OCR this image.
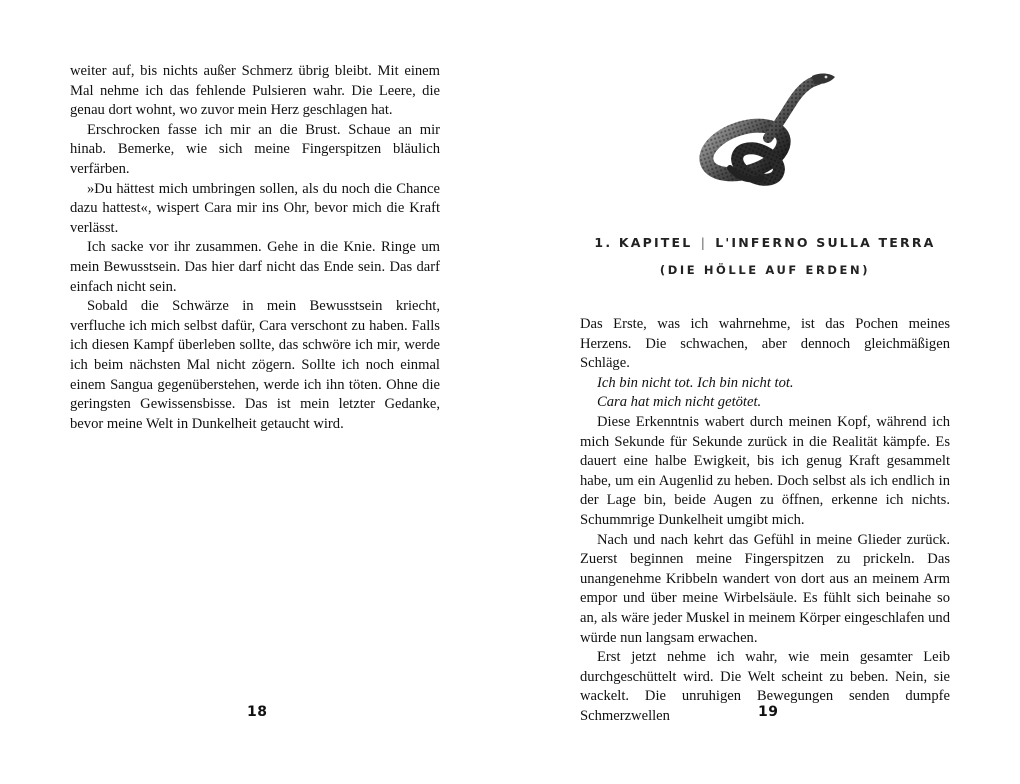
weiter auf, bis nichts außer Schmerz übrig bleibt. Mit einem Mal nehme ich das fehlende Pulsieren wahr. Die Leere, die genau dort wohnt, wo zuvor mein Herz geschlagen hat.

Erschrocken fasse ich mir an die Brust. Schaue an mir hinab. Bemerke, wie sich meine Fingerspitzen bläulich verfärben.

»Du hättest mich umbringen sollen, als du noch die Chance dazu hattest«, wispert Cara mir ins Ohr, bevor mich die Kraft verlässt.

Ich sacke vor ihr zusammen. Gehe in die Knie. Ringe um mein Bewusstsein. Das hier darf nicht das Ende sein. Das darf einfach nicht sein.

Sobald die Schwärze in mein Bewusstsein kriecht, verfluche ich mich selbst dafür, Cara verschont zu haben. Falls ich diesen Kampf überleben sollte, das schwöre ich mir, werde ich beim nächsten Mal nicht zögern. Sollte ich noch einmal einem Sangua gegenüberstehen, werde ich ihn töten. Ohne die geringsten Gewissensbisse. Das ist mein letzter Gedanke, bevor meine Welt in Dunkelheit getaucht wird.

18
1. KAPITEL | L'INFERNO SULLA TERRA
(DIE HÖLLE AUF ERDEN)

Das Erste, was ich wahrnehme, ist das Pochen meines Herzens. Die schwachen, aber dennoch gleichmäßigen Schläge.

Ich bin nicht tot. Ich bin nicht tot.

Cara hat mich nicht getötet.

Diese Erkenntnis wabert durch meinen Kopf, während ich mich Sekunde für Sekunde zurück in die Realität kämpfe. Es dauert eine halbe Ewigkeit, bis ich genug Kraft gesammelt habe, um ein Augenlid zu heben. Doch selbst als ich endlich in der Lage bin, beide Augen zu öffnen, erkenne ich nichts. Schummrige Dunkelheit umgibt mich.

Nach und nach kehrt das Gefühl in meine Glieder zurück. Zuerst beginnen meine Fingerspitzen zu prickeln. Das unangenehme Kribbeln wandert von dort aus an meinem Arm empor und über meine Wirbelsäule. Es fühlt sich beinahe so an, als wäre jeder Muskel in meinem Körper eingeschlafen und würde nun langsam erwachen.

Erst jetzt nehme ich wahr, wie mein gesamter Leib durchgeschüttelt wird. Die Welt scheint zu beben. Nein, sie wackelt. Die unruhigen Bewegungen senden dumpfe Schmerzwellen	19
